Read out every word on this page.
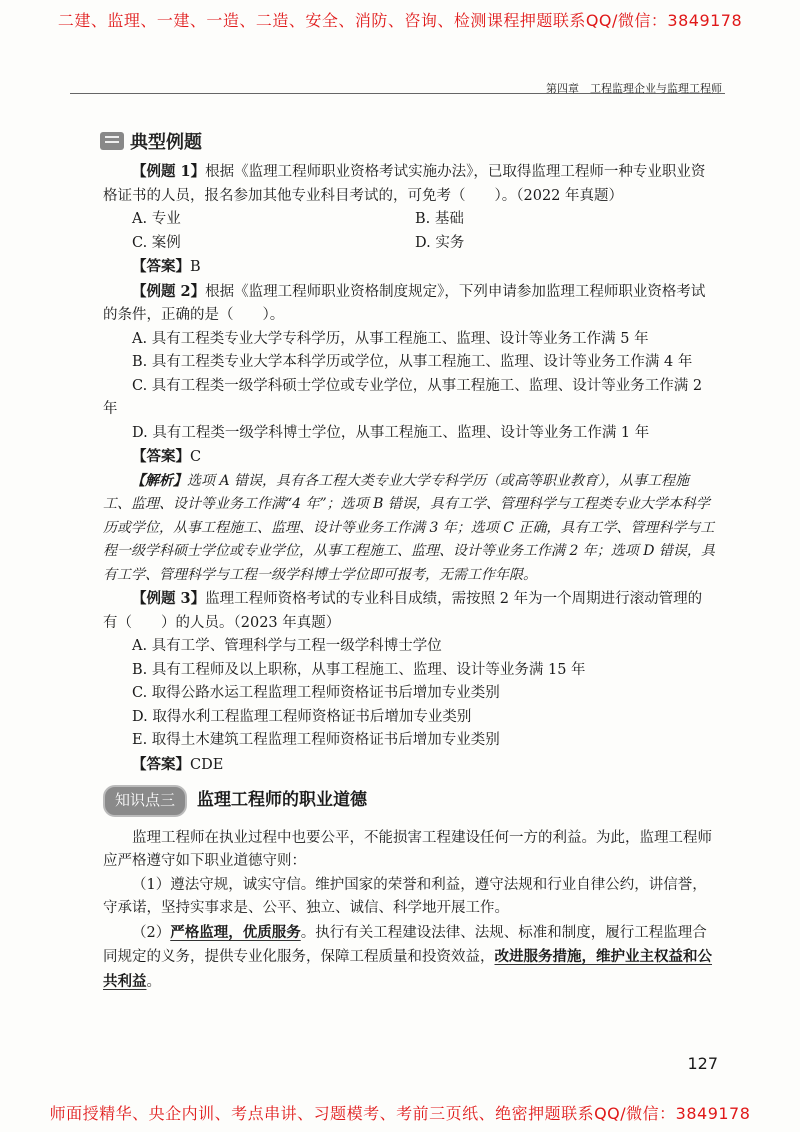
二建、监理、一建、一造、二造、安全、消防、咨询、检测课程押题联系QQ/微信：3849178
第四章　工程监理企业与监理工程师
典型例题

【例题 1】根据《监理工程师职业资格考试实施办法》，已取得监理工程师一种专业职业资格证书的人员，报名参加其他专业科目考试的，可免考（　　）。（2022 年真题）

A. 专业	B. 基础
C. 案例	D. 实务

【答案】B

【例题 2】根据《监理工程师职业资格制度规定》，下列申请参加监理工程师职业资格考试的条件，正确的是（　　）。

A. 具有工程类专业大学专科学历，从事工程施工、监理、设计等业务工作满 5 年

B. 具有工程类专业大学本科学历或学位，从事工程施工、监理、设计等业务工作满 4 年

C. 具有工程类一级学科硕士学位或专业学位，从事工程施工、监理、设计等业务工作满 2 年

D. 具有工程类一级学科博士学位，从事工程施工、监理、设计等业务工作满 1 年

【答案】C

【解析】选项 A 错误，具有各工程大类专业大学专科学历（或高等职业教育），从事工程施工、监理、设计等业务工作满“4 年”；选项 B 错误，具有工学、管理科学与工程类专业大学本科学历或学位，从事工程施工、监理、设计等业务工作满 3 年；选项 C 正确，具有工学、管理科学与工程一级学科硕士学位或专业学位，从事工程施工、监理、设计等业务工作满 2 年；选项 D 错误，具有工学、管理科学与工程一级学科博士学位即可报考，无需工作年限。

【例题 3】监理工程师资格考试的专业科目成绩，需按照 2 年为一个周期进行滚动管理的有（　　）的人员。（2023 年真题）

A. 具有工学、管理科学与工程一级学科博士学位

B. 具有工程师及以上职称，从事工程施工、监理、设计等业务满 15 年

C. 取得公路水运工程监理工程师资格证书后增加专业类别

D. 取得水利工程监理工程师资格证书后增加专业类别

E. 取得土木建筑工程监理工程师资格证书后增加专业类别

【答案】CDE

知识点三	监理工程师的职业道德

监理工程师在执业过程中也要公平，不能损害工程建设任何一方的利益。为此，监理工程师应严格遵守如下职业道德守则：

（1）遵法守规，诚实守信。维护国家的荣誉和利益，遵守法规和行业自律公约，讲信誉，守承诺，坚持实事求是、公平、独立、诚信、科学地开展工作。

（2）严格监理，优质服务。执行有关工程建设法律、法规、标准和制度，履行工程监理合同规定的义务，提供专业化服务，保障工程质量和投资效益，改进服务措施，维护业主权益和公共利益。

127
师面授精华、央企内训、考点串讲、习题模考、考前三页纸、绝密押题联系QQ/微信：3849178
